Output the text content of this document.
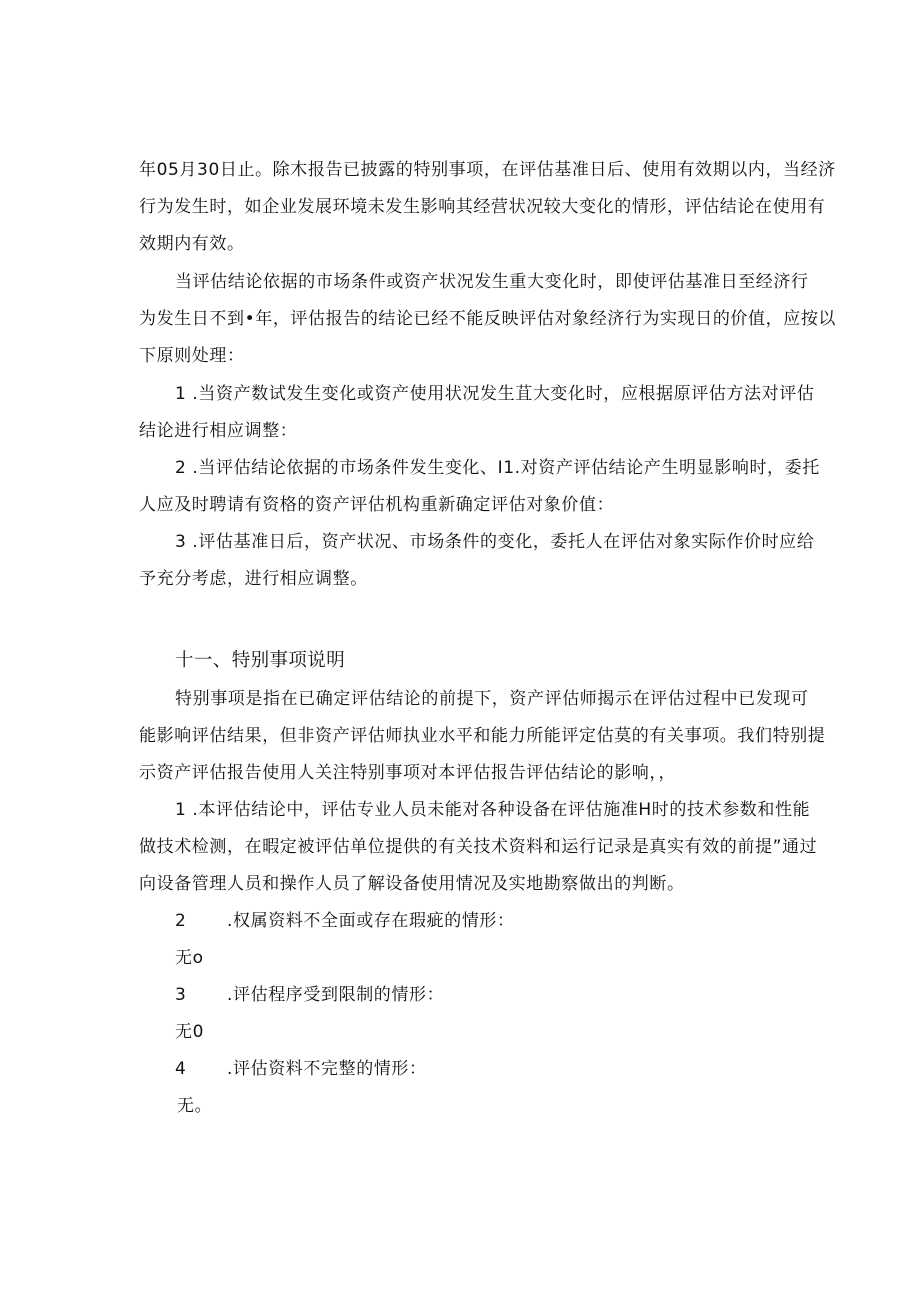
年05月30日止。除木报告已披露的特别事项，在评估基准日后、使用有效期以内，当经济
行为发生时，如企业发展环境未发生影响其经营状况较大变化的情形，评估结论在使用有
效期内有效。
当评估结论依据的市场条件或资产状况发生重大变化时，即使评估基准日至经济行
为发生日不到•年，评估报告的结论已经不能反映评估对象经济行为实现日的价值，应按以
下原则处理：
1 .当资产数试发生变化或资产使用状况发生苴大变化时，应根据原评估方法对评估
结论进行相应调整：
2 .当评估结论依据的市场条件发生变化、I1.对资产评估结论产生明显影响时，委托
人应及时聘请有资格的资产评估机构重新确定评估对象价值：
3 .评估基准日后，资产状况、市场条件的变化，委托人在评估对象实际作价时应给
予充分考虑，进行相应调整。
十一、特别事项说明
特别事项是指在已确定评估结论的前提下，资产评估师揭示在评估过程中已发现可
能影响评估结果，但非资产评估师执业水平和能力所能评定估莫的有关事项。我们特别提
示资产评估报告使用人关注特别事项对本评估报告评估结论的影响，，
1 .本评估结论中，评估专业人员未能对各种设备在评估施准H时的技术参数和性能
做技术检测，在暇定被评估单位提供的有关技术资料和运行记录是真实有效的前提”通过
向设备管理人员和操作人员了解设备使用情况及实地勘察做出的判断。
2 .权属资料不全面或存在瑕疵的情形：
无o
3 .评估程序受到限制的情形：
无0
4 .评估资料不完整的情形：
无。
